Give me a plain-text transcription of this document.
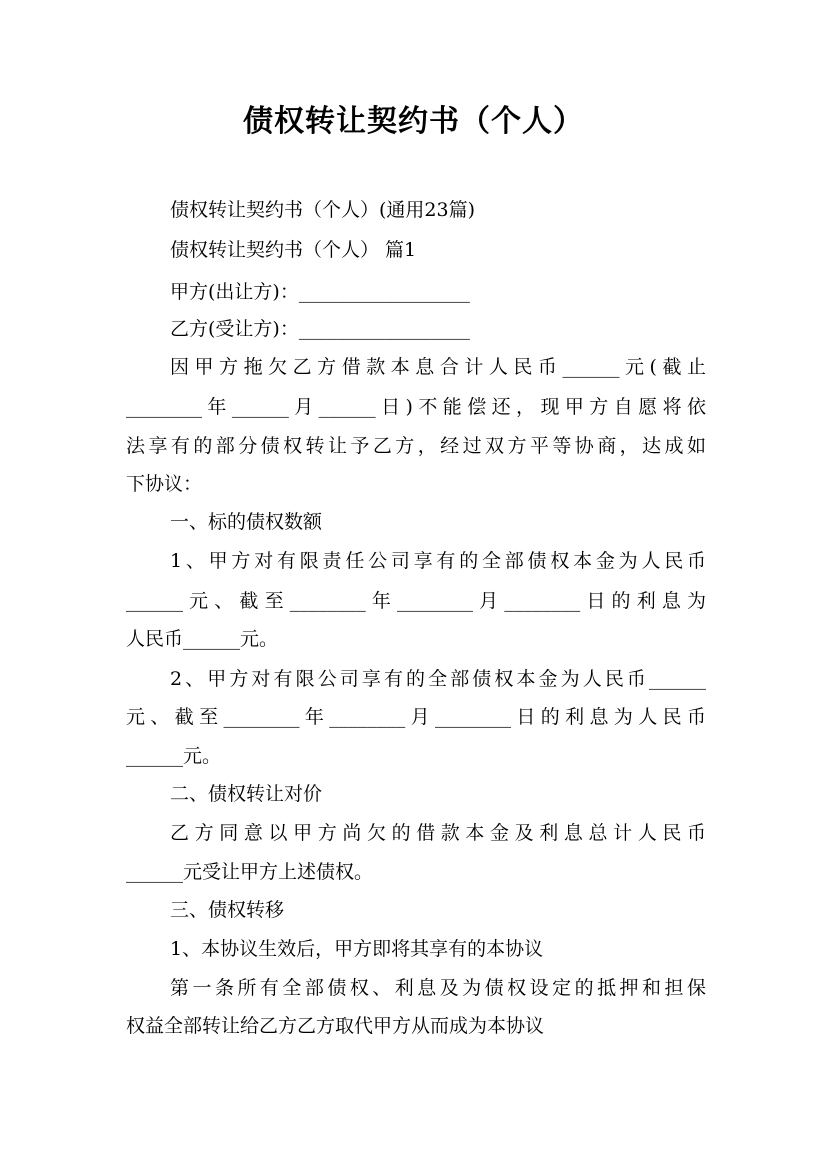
债权转让契约书（个人）
债权转让契约书（个人）(通用23篇)
债权转让契约书（个人） 篇1
甲方(出让方)：__________________
乙方(受让方)：__________________
因甲方拖欠乙方借款本息合计人民币______元(截止
________年______月______日)不能偿还，现甲方自愿将依
法享有的部分债权转让予乙方，经过双方平等协商，达成如
下协议：
一、标的债权数额
1、甲方对有限责任公司享有的全部债权本金为人民币
______元、截至________年________月________日的利息为
人民币______元。
2、甲方对有限公司享有的全部债权本金为人民币______
元、截至________年________月________日的利息为人民币
______元。
二、债权转让对价
乙方同意以甲方尚欠的借款本金及利息总计人民币
______元受让甲方上述债权。
三、债权转移
1、本协议生效后，甲方即将其享有的本协议
第一条所有全部债权、利息及为债权设定的抵押和担保
权益全部转让给乙方乙方取代甲方从而成为本协议
